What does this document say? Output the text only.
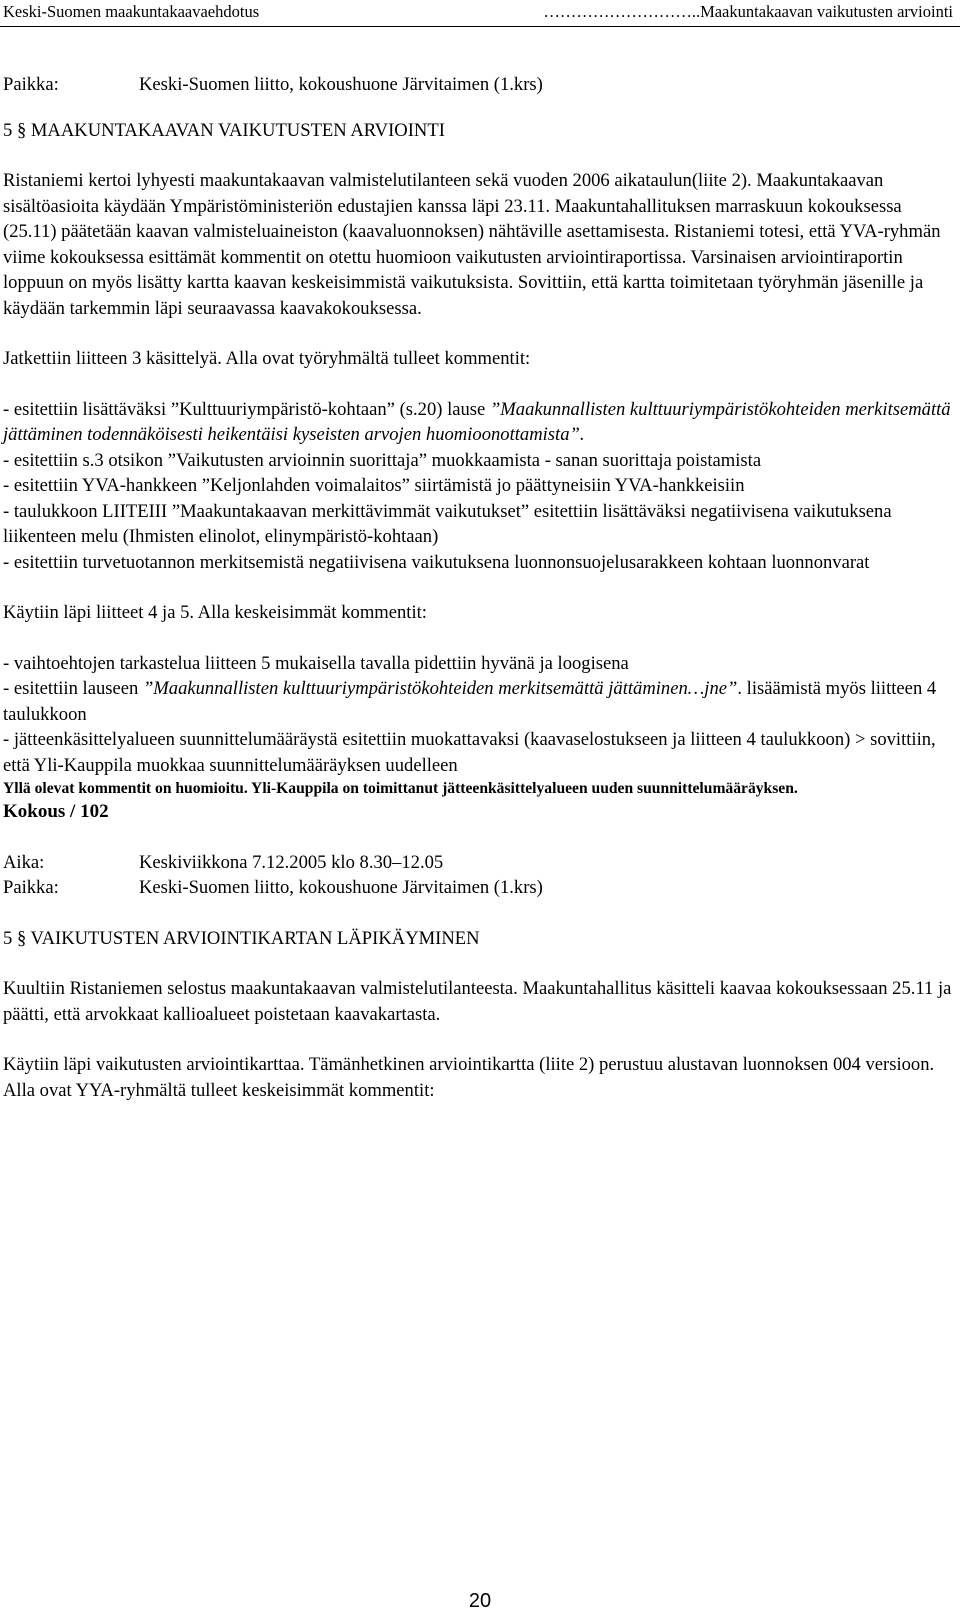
Keski-Suomen maakuntakaavaehdotus	………………………..Maakuntakaavan vaikutusten arviointi
Paikka:	Keski-Suomen liitto, kokoushuone Järvitaimen (1.krs)

5 § MAAKUNTAKAAVAN VAIKUTUSTEN ARVIOINTI

Ristaniemi kertoi lyhyesti maakuntakaavan valmistelutilanteen sekä vuoden 2006 aikataulun(liite 2). Maakuntakaavan sisältöasioita käydään Ympäristöministeriön edustajien kanssa läpi 23.11. Maakuntahallituksen marraskuun kokouksessa (25.11) päätetään kaavan valmisteluaineiston (kaavaluonnoksen) nähtäville asettamisesta. Ristaniemi totesi, että YVA-ryhmän viime kokouksessa esittämät kommentit on otettu huomioon vaikutusten arviointiraportissa. Varsinaisen arviointiraportin loppuun on myös lisätty kartta kaavan keskeisimmistä vaikutuksista. Sovittiin, että kartta toimitetaan työryhmän jäsenille ja käydään tarkemmin läpi seuraavassa kaavakokouksessa.

Jatkettiin liitteen 3 käsittelyä. Alla ovat työryhmältä tulleet kommentit:

- esitettiin lisättäväksi ”Kulttuuriympäristö-kohtaan” (s.20) lause ”Maakunnallisten kulttuuriympäristökohteiden merkitsemättä jättäminen todennäköisesti heikentäisi kyseisten arvojen huomioonottamista”.

- esitettiin s.3 otsikon ”Vaikutusten arvioinnin suorittaja” muokkaamista - sanan suorittaja poistamista

- esitettiin YVA-hankkeen ”Keljonlahden voimalaitos” siirtämistä jo päättyneisiin YVA-hankkeisiin

- taulukkoon LIITEIII ”Maakuntakaavan merkittävimmät vaikutukset” esitettiin lisättäväksi negatiivisena vaikutuksena liikenteen melu (Ihmisten elinolot, elinympäristö-kohtaan)

- esitettiin turvetuotannon merkitsemistä negatiivisena vaikutuksena luonnonsuojelusarakkeen kohtaan luonnonvarat

Käytiin läpi liitteet 4 ja 5. Alla keskeisimmät kommentit:

- vaihtoehtojen tarkastelua liitteen 5 mukaisella tavalla pidettiin hyvänä ja loogisena

- esitettiin lauseen ”Maakunnallisten kulttuuriympäristökohteiden merkitsemättä jättäminen…jne”. lisäämistä myös liitteen 4 taulukkoon

- jätteenkäsittelyalueen suunnittelumääräystä esitettiin muokattavaksi (kaavaselostukseen ja liitteen 4 taulukkoon) > sovittiin, että Yli-Kauppila muokkaa suunnittelumääräyksen uudelleen

Yllä olevat kommentit on huomioitu. Yli-Kauppila on toimittanut jätteenkäsittelyalueen uuden suunnittelumääräyksen.

Kokous / 102

Aika:	Keskiviikkona 7.12.2005 klo 8.30–12.05
Paikka:	Keski-Suomen liitto, kokoushuone Järvitaimen (1.krs)

5 § VAIKUTUSTEN ARVIOINTIKARTAN LÄPIKÄYMINEN

Kuultiin Ristaniemen selostus maakuntakaavan valmistelutilanteesta. Maakuntahallitus käsitteli kaavaa kokouksessaan 25.11 ja päätti, että arvokkaat kallioalueet poistetaan kaavakartasta.

Käytiin läpi vaikutusten arviointikarttaa. Tämänhetkinen arviointikartta (liite 2) perustuu alustavan luonnoksen 004 versioon. Alla ovat YYA-ryhmältä tulleet keskeisimmät kommentit:

20
